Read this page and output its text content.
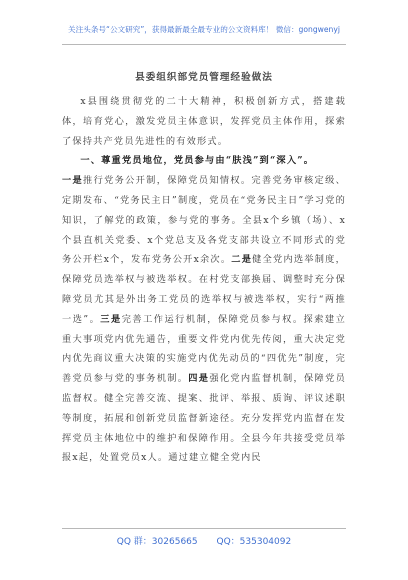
关注头条号“公文研究”，获得最新最全最专业的公文资料库！ 微信：gongwenyj
县委组织部党员管理经验做法

x县围绕贯彻党的二十大精神，积极创新方式，搭建载体，培育党心，激发党员主体意识，发挥党员主体作用，探索了保持共产党员先进性的有效形式。

一、尊重党员地位，党员参与由“肤浅”到“深入”。

一是推行党务公开制，保障党员知情权。完善党务审核定级、定期发布、“党务民主日”制度，党员在“党务民主日”学习党的知识，了解党的政策，参与党的事务。全县x个乡镇（场）、x个县直机关党委、x个党总支及各党支部共设立不同形式的党务公开栏x个，发布党务公开x余次。二是健全党内选举制度，保障党员选举权与被选举权。在村党支部换届、调整时充分保障党员尤其是外出务工党员的选举权与被选举权，实行“两推一选”。三是完善工作运行机制，保障党员参与权。探索建立重大事项党内优先通告，重要文件党内优先传阅，重大决定党内优先商议重大决策的实施党内优先动员的“四优先”制度，完善党员参与党的事务机制。四是强化党内监督机制，保障党员监督权。健全完善交流、提案、批评、举报、质询、评议述职等制度，拓展和创新党员监督新途径。充分发挥党内监督在发挥党员主体地位中的维护和保障作用。全县今年共接受党员举报x起，处置党员x人。通过建立健全党内民

QQ 群：30265665 QQ：535304092
